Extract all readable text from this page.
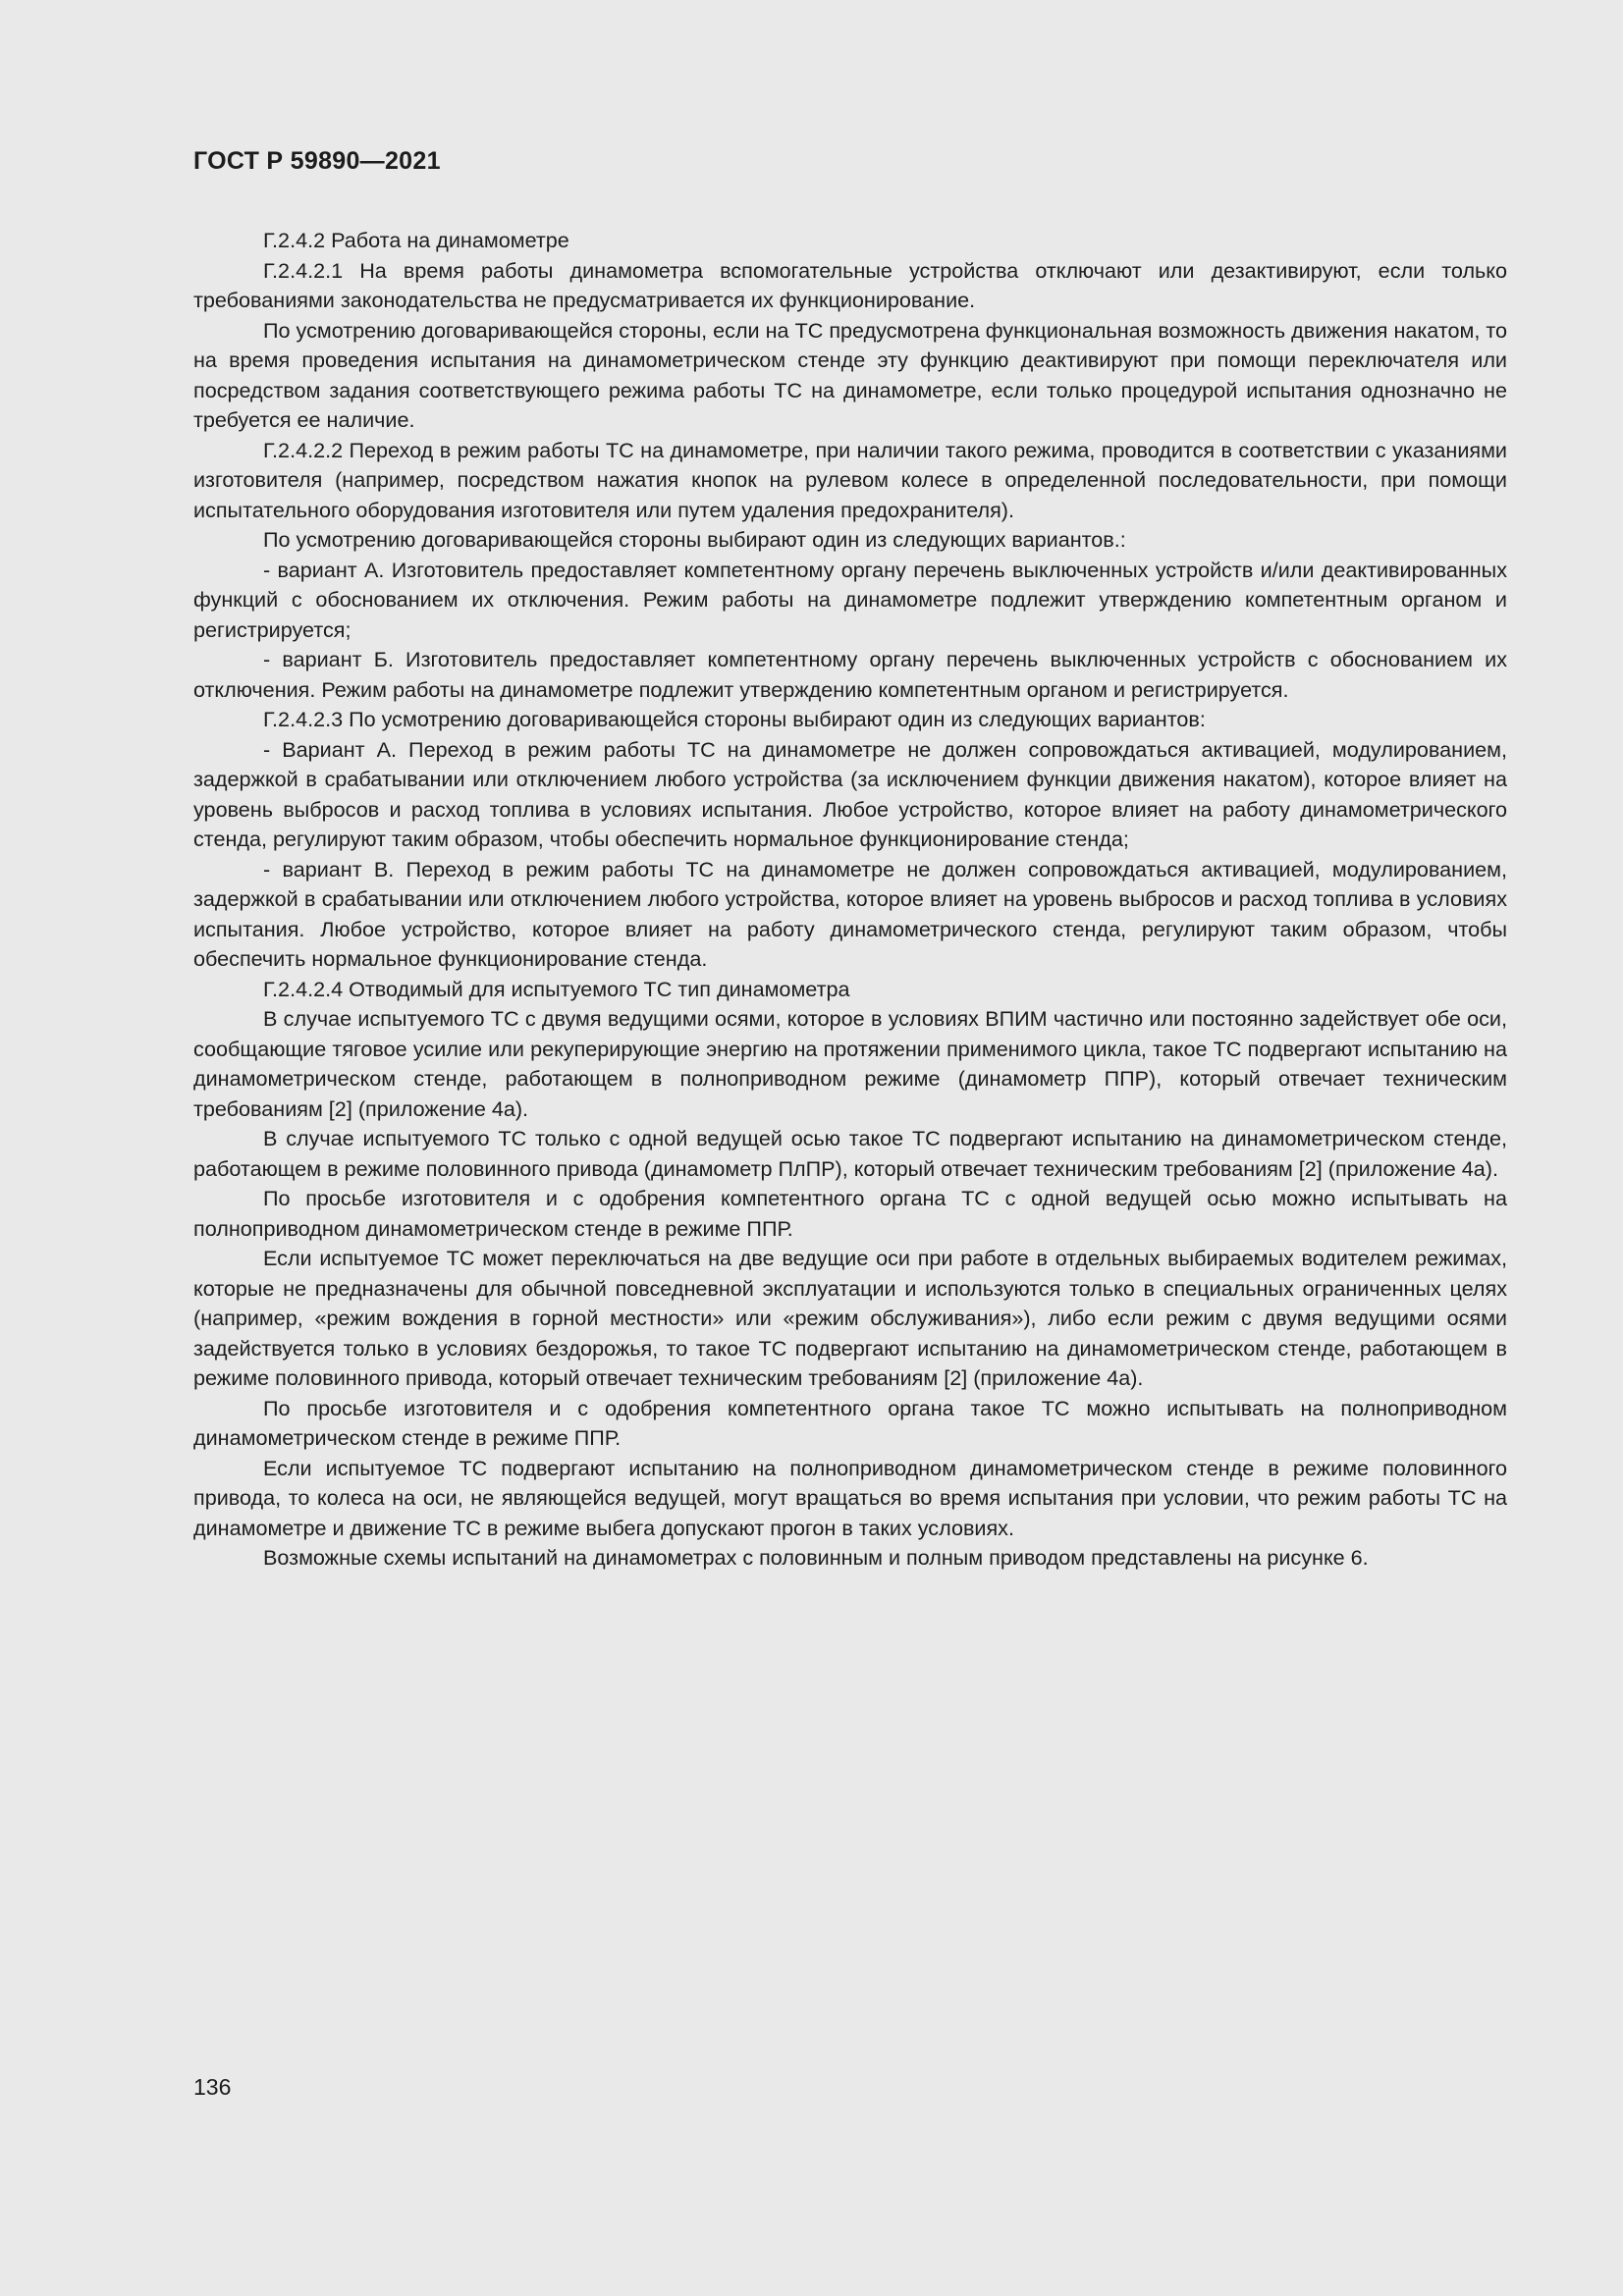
ГОСТ Р 59890—2021

Г.2.4.2 Работа на динамометре

Г.2.4.2.1 На время работы динамометра вспомогательные устройства отключают или дезактивируют, если только требованиями законодательства не предусматривается их функционирование.

По усмотрению договаривающейся стороны, если на ТС предусмотрена функциональная возможность движения накатом, то на время проведения испытания на динамометрическом стенде эту функцию деактивируют при помощи переключателя или посредством задания соответствующего режима работы ТС на динамометре, если только процедурой испытания однозначно не требуется ее наличие.

Г.2.4.2.2 Переход в режим работы ТС на динамометре, при наличии такого режима, проводится в соответствии с указаниями изготовителя (например, посредством нажатия кнопок на рулевом колесе в определенной последовательности, при помощи испытательного оборудования изготовителя или путем удаления предохранителя).

По усмотрению договаривающейся стороны выбирают один из следующих вариантов.:

- вариант А. Изготовитель предоставляет компетентному органу перечень выключенных устройств и/или деактивированных функций с обоснованием их отключения. Режим работы на динамометре подлежит утверждению компетентным органом и регистрируется;

- вариант Б. Изготовитель предоставляет компетентному органу перечень выключенных устройств с обоснованием их отключения. Режим работы на динамометре подлежит утверждению компетентным органом и регистрируется.

Г.2.4.2.3 По усмотрению договаривающейся стороны выбирают один из следующих вариантов:

- Вариант А. Переход в режим работы ТС на динамометре не должен сопровождаться активацией, модулированием, задержкой в срабатывании или отключением любого устройства (за исключением функции движения накатом), которое влияет на уровень выбросов и расход топлива в условиях испытания. Любое устройство, которое влияет на работу динамометрического стенда, регулируют таким образом, чтобы обеспечить нормальное функционирование стенда;

- вариант В. Переход в режим работы ТС на динамометре не должен сопровождаться активацией, модулированием, задержкой в срабатывании или отключением любого устройства, которое влияет на уровень выбросов и расход топлива в условиях испытания. Любое устройство, которое влияет на работу динамометрического стенда, регулируют таким образом, чтобы обеспечить нормальное функционирование стенда.

Г.2.4.2.4 Отводимый для испытуемого ТС тип динамометра

В случае испытуемого ТС с двумя ведущими осями, которое в условиях ВПИМ частично или постоянно задействует обе оси, сообщающие тяговое усилие или рекуперирующие энергию на протяжении применимого цикла, такое ТС подвергают испытанию на динамометрическом стенде, работающем в полноприводном режиме (динамометр ППР), который отвечает техническим требованиям [2] (приложение 4а).

В случае испытуемого ТС только с одной ведущей осью такое ТС подвергают испытанию на динамометрическом стенде, работающем в режиме половинного привода (динамометр ПлПР), который отвечает техническим требованиям [2] (приложение 4а).

По просьбе изготовителя и с одобрения компетентного органа ТС с одной ведущей осью можно испытывать на полноприводном динамометрическом стенде в режиме ППР.

Если испытуемое ТС может переключаться на две ведущие оси при работе в отдельных выбираемых водителем режимах, которые не предназначены для обычной повседневной эксплуатации и используются только в специальных ограниченных целях (например, «режим вождения в горной местности» или «режим обслуживания»), либо если режим с двумя ведущими осями задействуется только в условиях бездорожья, то такое ТС подвергают испытанию на динамометрическом стенде, работающем в режиме половинного привода, который отвечает техническим требованиям [2] (приложение 4а).

По просьбе изготовителя и с одобрения компетентного органа такое ТС можно испытывать на полноприводном динамометрическом стенде в режиме ППР.

Если испытуемое ТС подвергают испытанию на полноприводном динамометрическом стенде в режиме половинного привода, то колеса на оси, не являющейся ведущей, могут вращаться во время испытания при условии, что режим работы ТС на динамометре и движение ТС в режиме выбега допускают прогон в таких условиях.

Возможные схемы испытаний на динамометрах с половинным и полным приводом представлены на рисунке 6.

136
